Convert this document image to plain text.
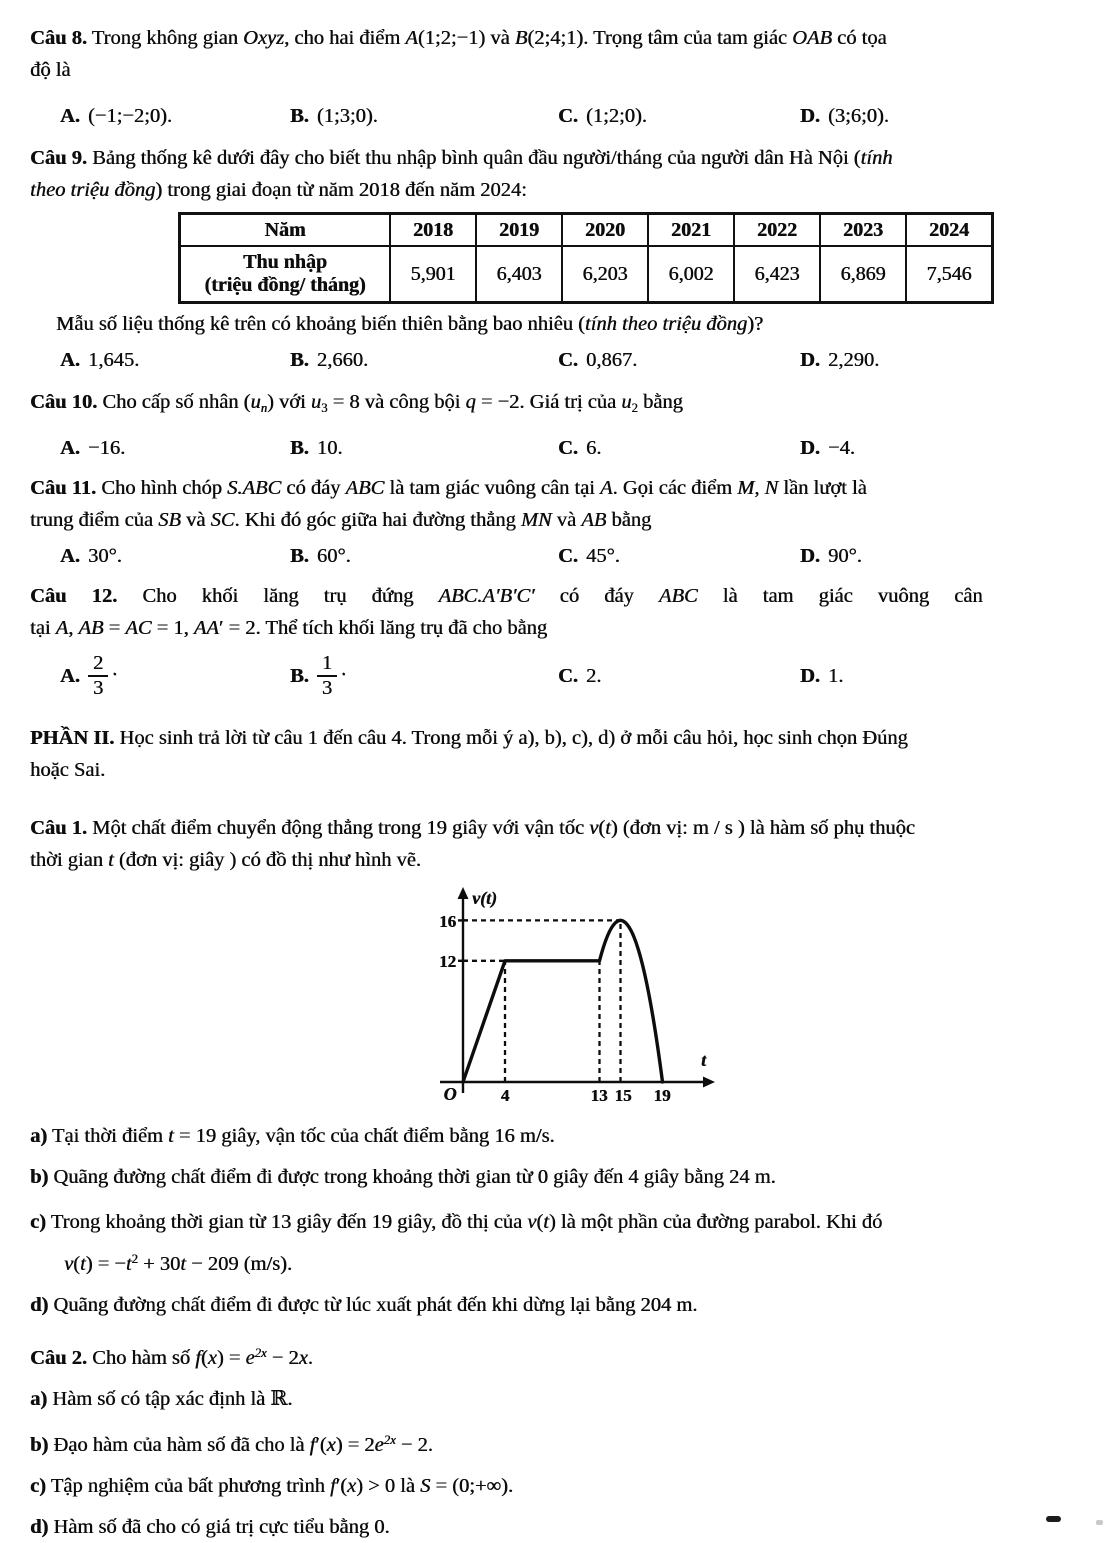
Câu 8. Trong không gian Oxyz, cho hai điểm A(1;2;−1) và B(2;4;1). Trọng tâm của tam giác OAB có tọa
độ là

A. (−1;−2;0).	B. (1;3;0).	C. (1;2;0).	D. (3;6;0).

Câu 9. Bảng thống kê dưới đây cho biết thu nhập bình quân đầu người/tháng của người dân Hà Nội (tính
theo triệu đồng) trong giai đoạn từ năm 2018 đến năm 2024:

Năm	2018	2019	2020	2021	2022	2023	2024
Thu nhập
(triệu đồng/ tháng)	5,901	6,403	6,203	6,002	6,423	6,869	7,546

Mẫu số liệu thống kê trên có khoảng biến thiên bằng bao nhiêu (tính theo triệu đồng)?

A. 1,645.	B. 2,660.	C. 0,867.	D. 2,290.

Câu 10. Cho cấp số nhân $(u_n)$ với $u_3 = 8$ và công bội q = −2. Giá trị của $u_2$ bằng

A. −16.	B. 10.	C. 6.	D. −4.

Câu 11. Cho hình chóp S.ABC có đáy ABC là tam giác vuông cân tại A. Gọi các điểm M, N lần lượt là
trung điểm của SB và SC. Khi đó góc giữa hai đường thẳng MN và AB bằng

A. 30°.	B. 60°.	C. 45°.	D. 90°.

Câu 12. Cho khối lăng trụ đứng ABC.A′B′C′ có đáy ABC là tam giác vuông cân
tại A, AB = AC = 1, AA′ = 2. Thể tích khối lăng trụ đã cho bằng

A. $\frac{2}{3}$ ·	B. $\frac{1}{3}$ ·	C. 2.	D. 1.

PHẦN II. Học sinh trả lời từ câu 1 đến câu 4. Trong mỗi ý a), b), c), d) ở mỗi câu hỏi, học sinh chọn Đúng
hoặc Sai.

Câu 1. Một chất điểm chuyển động thẳng trong 19 giây với vận tốc v(t) (đơn vị: m / s ) là hàm số phụ thuộc
thời gian t (đơn vị: giây ) có đồ thị như hình vẽ.

v(t)
t
16
12
O	4	13 15 19

a) Tại thời điểm t = 19 giây, vận tốc của chất điểm bằng 16 m/s.

b) Quãng đường chất điểm đi được trong khoảng thời gian từ 0 giây đến 4 giây bằng 24 m.

c) Trong khoảng thời gian từ 13 giây đến 19 giây, đồ thị của v(t) là một phần của đường parabol. Khi đó

$v(t) = -t^2 + 30t - 209$ (m/s).

d) Quãng đường chất điểm đi được từ lúc xuất phát đến khi dừng lại bằng 204 m.

Câu 2. Cho hàm số $f(x) = e^{2x} - 2x$.

a) Hàm số có tập xác định là ℝ.

b) Đạo hàm của hàm số đã cho là $f'(x) = 2e^{2x} - 2$.

c) Tập nghiệm của bất phương trình f′(x) > 0 là S = (0;+∞).

d) Hàm số đã cho có giá trị cực tiểu bằng 0.
